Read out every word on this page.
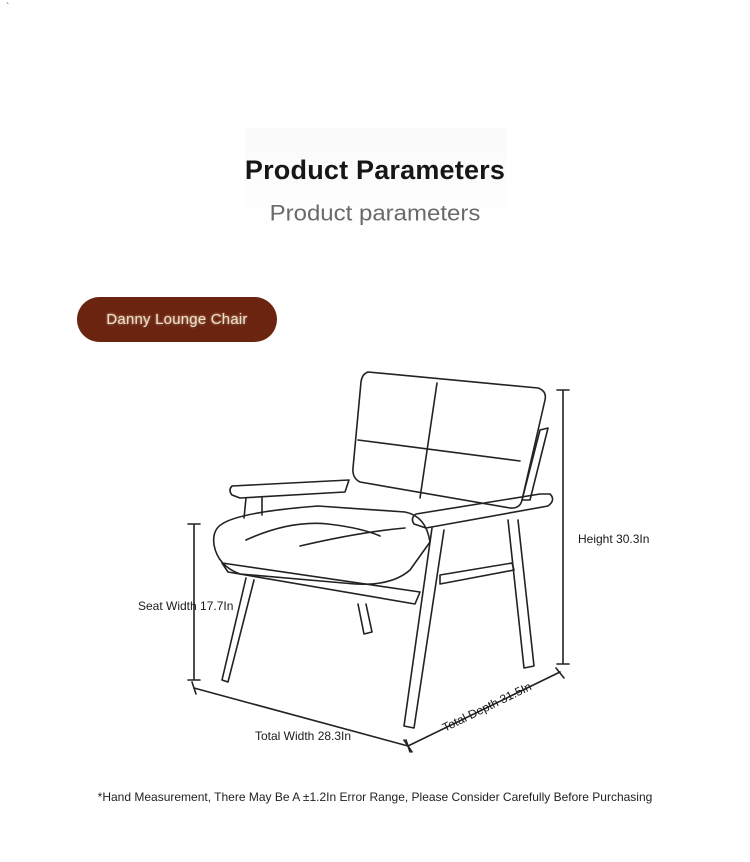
`
Product Parameters
Product parameters
Danny Lounge Chair
Height 30.3In
Seat Width 17.7In
Total Width 28.3In
Total Depth 31.5In
*Hand Measurement, There May Be A ±1.2In Error Range, Please Consider Carefully Before Purchasing
